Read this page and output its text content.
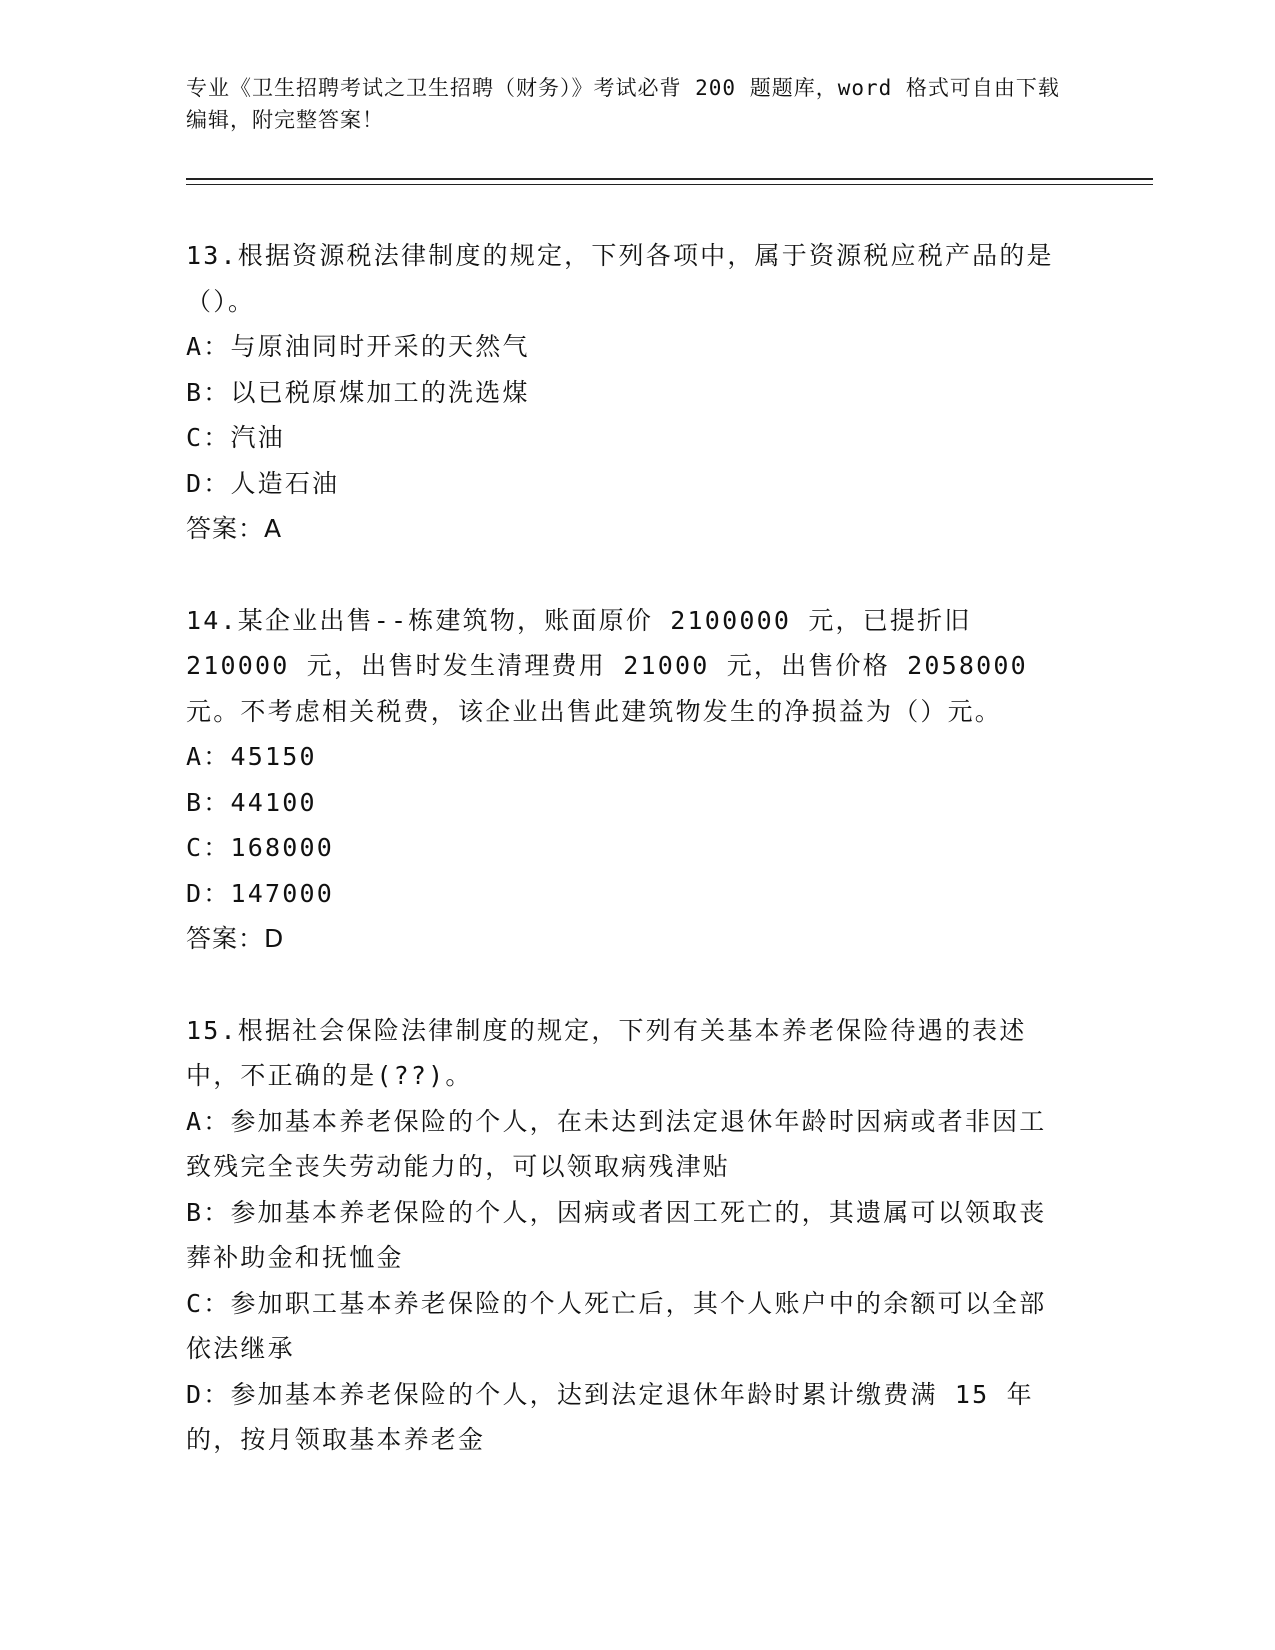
专业《卫生招聘考试之卫生招聘（财务）》考试必背 200 题题库，word 格式可自由下载编辑，附完整答案！
13.根据资源税法律制度的规定，下列各项中，属于资源税应税产品的是（）。
A：与原油同时开采的天然气
B：以已税原煤加工的洗选煤
C：汽油
D：人造石油
答案：A
14.某企业出售--栋建筑物，账面原价 2100000 元，已提折旧 210000 元，出售时发生清理费用 21000 元，出售价格 2058000 元。不考虑相关税费，该企业出售此建筑物发生的净损益为（）元。
A：45150
B：44100
C：168000
D：147000
答案：D
15.根据社会保险法律制度的规定，下列有关基本养老保险待遇的表述中，不正确的是(??)。
A：参加基本养老保险的个人，在未达到法定退休年龄时因病或者非因工致残完全丧失劳动能力的，可以领取病残津贴
B：参加基本养老保险的个人，因病或者因工死亡的，其遗属可以领取丧葬补助金和抚恤金
C：参加职工基本养老保险的个人死亡后，其个人账户中的余额可以全部依法继承
D：参加基本养老保险的个人，达到法定退休年龄时累计缴费满 15 年的，按月领取基本养老金
